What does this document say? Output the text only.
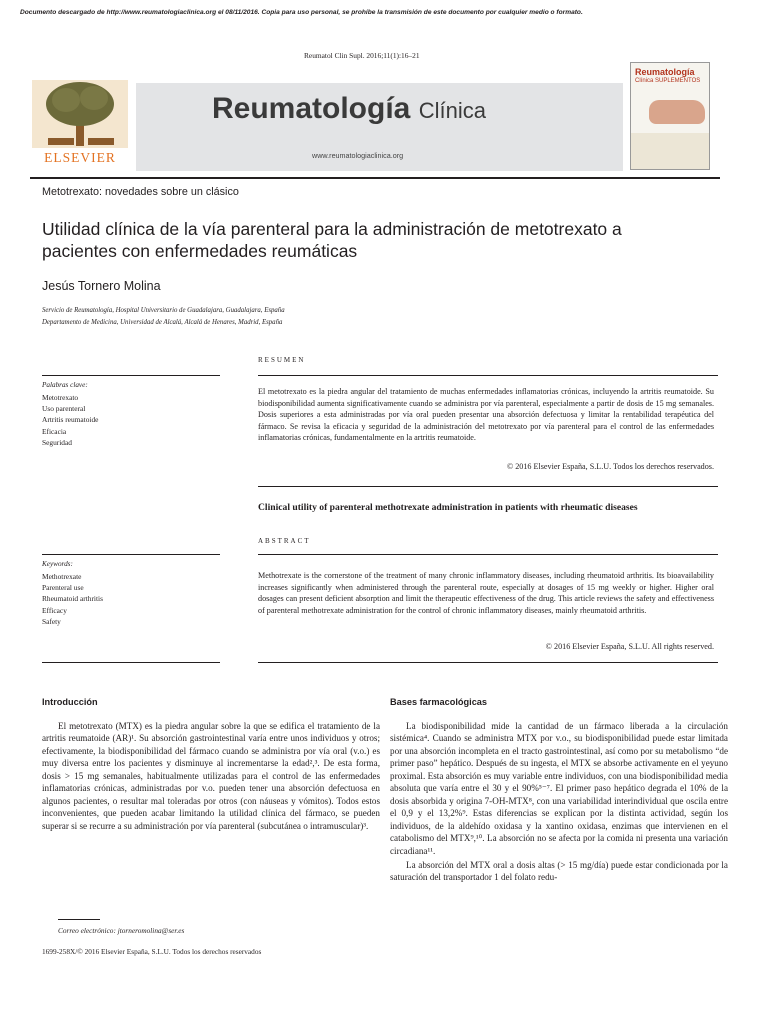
Documento descargado de http://www.reumatologiaclinica.org el 08/11/2016. Copia para uso personal, se prohíbe la transmisión de este documento por cualquier medio o formato.
Reumatol Clin Supl. 2016;11(1):16–21
ELSEVIER
Reumatología Clínica
www.reumatologiaclinica.org
Reumatología
Clínica SUPLEMENTOS
Metotrexato: novedades sobre un clásico
Utilidad clínica de la vía parenteral para la administración de metotrexato a pacientes con enfermedades reumáticas
Jesús Tornero Molina
Servicio de Reumatología, Hospital Universitario de Guadalajara, Guadalajara, España
Departamento de Medicina, Universidad de Alcalá, Alcalá de Henares, Madrid, España
RESUMEN
Palabras clave:
Metotrexato
Uso parenteral
Artritis reumatoide
Eficacia
Seguridad
El metotrexato es la piedra angular del tratamiento de muchas enfermedades inflamatorias crónicas, incluyendo la artritis reumatoide. Su biodisponibilidad aumenta significativamente cuando se administra por vía parenteral, especialmente a partir de dosis de 15 mg semanales. Dosis superiores a esta administradas por vía oral pueden presentar una absorción defectuosa y limitar la rentabilidad terapéutica del fármaco. Se revisa la eficacia y seguridad de la administración del metotrexato por vía parenteral para el control de las enfermedades inflamatorias crónicas, fundamentalmente en la artritis reumatoide.
© 2016 Elsevier España, S.L.U. Todos los derechos reservados.
Clinical utility of parenteral methotrexate administration in patients with rheumatic diseases
ABSTRACT
Keywords:
Methotrexate
Parenteral use
Rheumatoid arthritis
Efficacy
Safety
Methotrexate is the cornerstone of the treatment of many chronic inflammatory diseases, including rheumatoid arthritis. Its bioavailability increases significantly when administered through the parenteral route, especially at dosages of 15 mg weekly or higher. Higher oral dosages can present deficient absorption and limit the therapeutic effectiveness of the drug. This article reviews the safety and effectiveness of parenteral methotrexate administration for the control of chronic inflammatory diseases, mainly rheumatoid arthritis.
© 2016 Elsevier España, S.L.U. All rights reserved.
Introducción
El metotrexato (MTX) es la piedra angular sobre la que se edifica el tratamiento de la artritis reumatoide (AR)¹. Su absorción gastrointestinal varía entre unos individuos y otros; efectivamente, la biodisponibilidad del fármaco cuando se administra por vía oral (v.o.) es muy diversa entre los pacientes y disminuye al incrementarse la edad²,³. De esta forma, dosis > 15 mg semanales, habitualmente utilizadas para el control de las enfermedades inflamatorias crónicas, administradas por v.o. pueden tener una absorción defectuosa en algunos pacientes, o resultar mal toleradas por otros (con náuseas y vómitos). Todos estos inconvenientes, que pueden acabar limitando la utilidad clínica del fármaco, se pueden superar si se recurre a su administración por vía parenteral (subcutánea o intramuscular)³.
Bases farmacológicas

La biodisponibilidad mide la cantidad de un fármaco liberada a la circulación sistémica⁴. Cuando se administra MTX por v.o., su biodisponibilidad puede estar limitada por una absorción incompleta en el tracto gastrointestinal, así como por su metabolismo “de primer paso” hepático. Después de su ingesta, el MTX se absorbe activamente en el yeyuno proximal. Esta absorción es muy variable entre individuos, con una biodisponibilidad media absoluta que varía entre el 30 y el 90%⁵⁻⁷. El primer paso hepático degrada el 10% de la dosis absorbida y origina 7-OH-MTX⁸, con una variabilidad interindividual que oscila entre el 0,9 y el 13,2%⁹. Estas diferencias se explican por la distinta actividad, según los individuos, de la aldehído oxidasa y la xantino oxidasa, enzimas que intervienen en el catabolismo del MTX⁹,¹⁰. La absorción no se afecta por la comida ni presenta una variación circadiana¹¹.

La absorción del MTX oral a dosis altas (> 15 mg/día) puede estar condicionada por la saturación del transportador 1 del folato redu-

Correo electrónico: jtorneromolina@ser.es
1699-258X/© 2016 Elsevier España, S.L.U. Todos los derechos reservados
